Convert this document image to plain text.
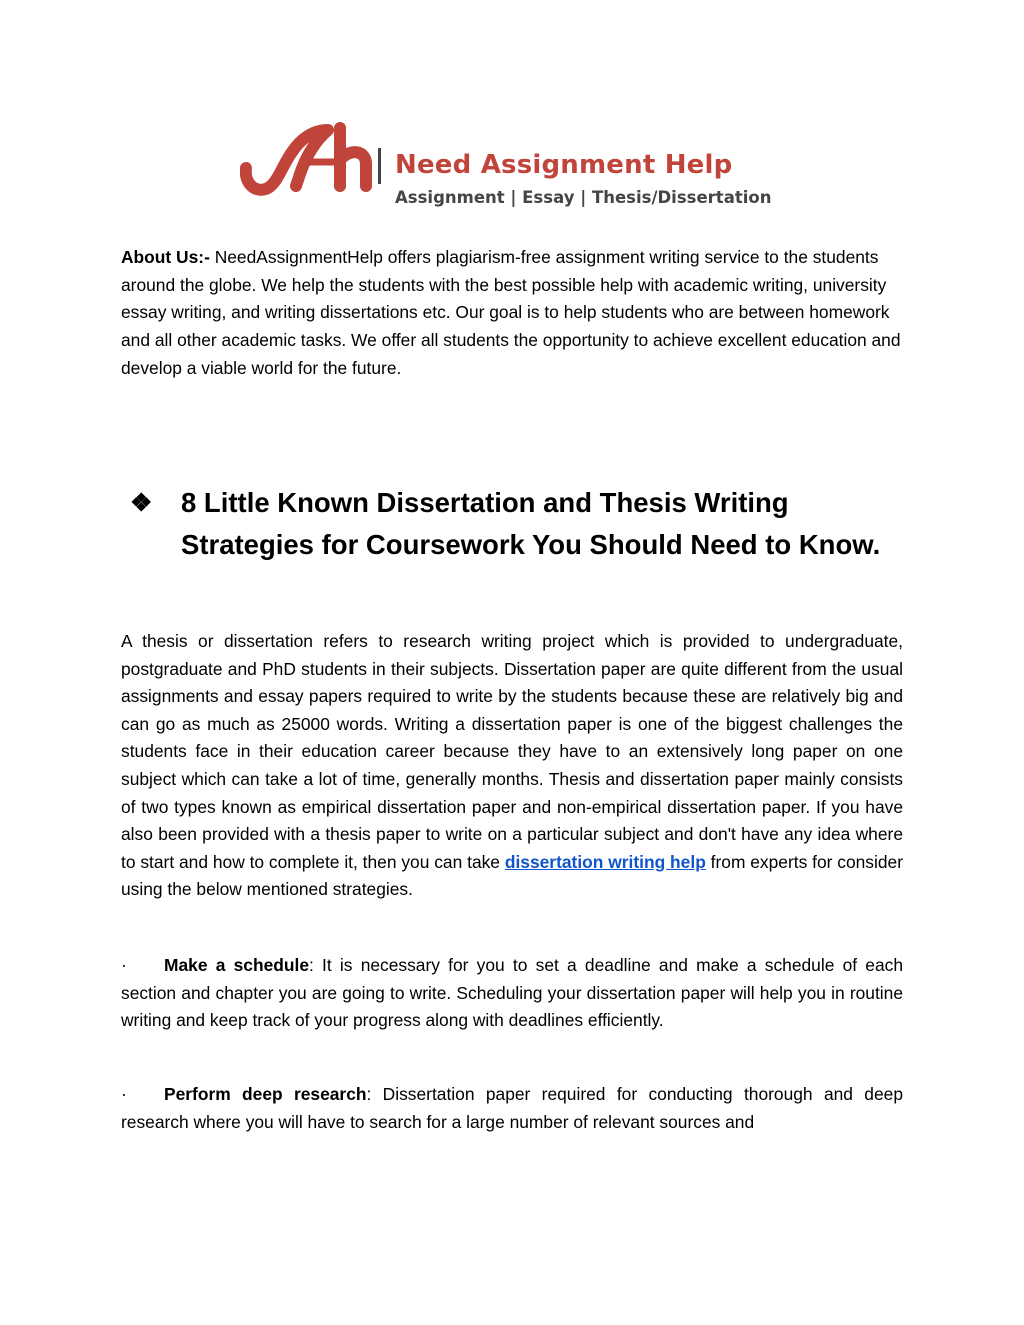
Need Assignment Help
Assignment | Essay | Thesis/Dissertation

About Us:- NeedAssignmentHelp offers plagiarism-free assignment writing service to the students around the globe. We help the students with the best possible help with academic writing, university essay writing, and writing dissertations etc. Our goal is to help students who are between homework and all other academic tasks. We offer all students the opportunity to achieve excellent education and develop a viable world for the future.

❖	8 Little Known Dissertation and Thesis Writing Strategies for Coursework You Should Need to Know.

A thesis or dissertation refers to research writing project which is provided to undergraduate, postgraduate and PhD students in their subjects. Dissertation paper are quite different from the usual assignments and essay papers required to write by the students because these are relatively big and can go as much as 25000 words. Writing a dissertation paper is one of the biggest challenges the students face in their education career because they have to an extensively long paper on one subject which can take a lot of time, generally months. Thesis and dissertation paper mainly consists of two types known as empirical dissertation paper and non-empirical dissertation paper. If you have also been provided with a thesis paper to write on a particular subject and don't have any idea where to start and how to complete it, then you can take dissertation writing help from experts for consider using the below mentioned strategies.

· Make a schedule: It is necessary for you to set a deadline and make a schedule of each section and chapter you are going to write. Scheduling your dissertation paper will help you in routine writing and keep track of your progress along with deadlines efficiently.

· Perform deep research: Dissertation paper required for conducting thorough and deep research where you will have to search for a large number of relevant sources and
